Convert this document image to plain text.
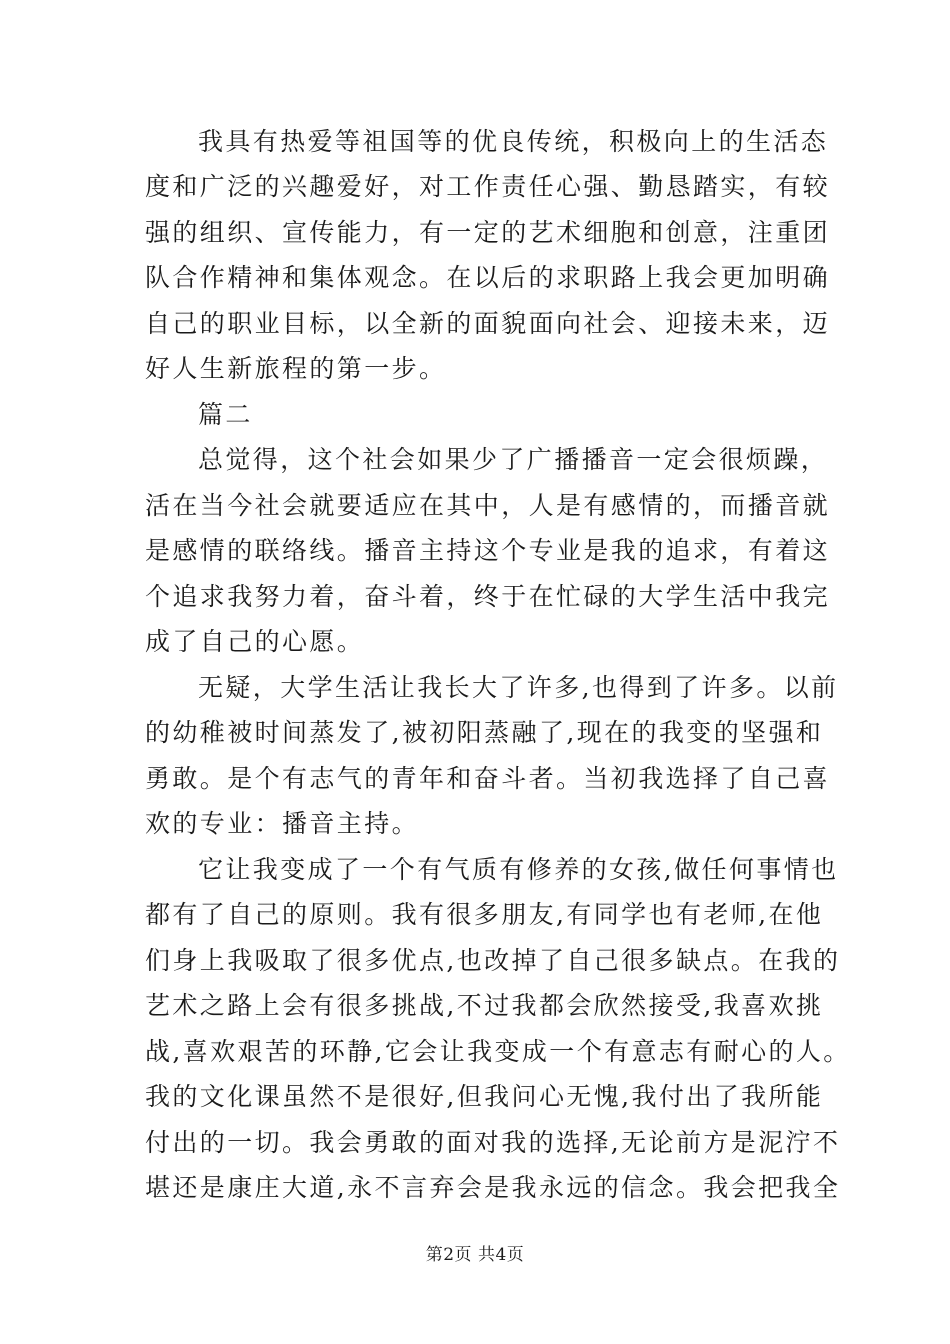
我具有热爱等祖国等的优良传统，积极向上的生活态
度和广泛的兴趣爱好，对工作责任心强、勤恳踏实，有较
强的组织、宣传能力，有一定的艺术细胞和创意，注重团
队合作精神和集体观念。在以后的求职路上我会更加明确
自己的职业目标，以全新的面貌面向社会、迎接未来，迈
好人生新旅程的第一步。
篇二
总觉得，这个社会如果少了广播播音一定会很烦躁，
活在当今社会就要适应在其中，人是有感情的，而播音就
是感情的联络线。播音主持这个专业是我的追求，有着这
个追求我努力着，奋斗着，终于在忙碌的大学生活中我完
成了自己的心愿。
无疑，大学生活让我长大了许多,也得到了许多。以前
的幼稚被时间蒸发了,被初阳蒸融了,现在的我变的坚强和
勇敢。是个有志气的青年和奋斗者。当初我选择了自己喜
欢的专业：播音主持。
它让我变成了一个有气质有修养的女孩,做任何事情也
都有了自己的原则。我有很多朋友,有同学也有老师,在他
们身上我吸取了很多优点,也改掉了自己很多缺点。在我的
艺术之路上会有很多挑战,不过我都会欣然接受,我喜欢挑
战,喜欢艰苦的环静,它会让我变成一个有意志有耐心的人。
我的文化课虽然不是很好,但我问心无愧,我付出了我所能
付出的一切。我会勇敢的面对我的选择,无论前方是泥泞不
堪还是康庄大道,永不言弃会是我永远的信念。我会把我全
第2页 共4页
